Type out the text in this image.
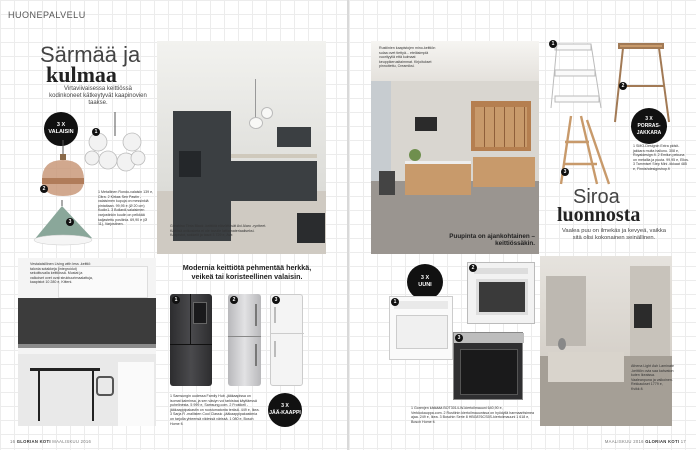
HUONEPALVELU
Särmää ja
kulmaa
Virtaviivaisessa keittiössä kodinkoneet kätkeytyvät kaapinovien taakse.
3 X
VALAISIN
2
1
3
1 Metallinen Rondo-valaisin 139 e, Citra. 2 Kirkas Sen Pastin -valaisimen kupuja on messinkiä pintaltaan. 99,95 e (Ø 20 cm) Kodin1. 3 Bollardi-valaisimen varjostinkin kuulin on pelkkää kaljastettu posliinia. 69,90 e (Ø 11), Varjostinen.	Greahino Tinta Black -keittiöä elävöittävät Avi Alaro -ryntteet. Kättösä ovikosketa ei ole tavulle lattiamateriaaliseksi. Kaapistot, sokkelit ja tasot 3 729 e, Avir.
Vestaiaisillinen Living with less -keittiö talonia sotakkeja (integroidut) sekoittuvalla keittiössä. Mustat ja valkoiset ovet ovat struktuurimaalattuja, kaapistot 10 280 e, Kitteni.
Modernia keittiötä pehmentää herkkä, veikeä tai koristeellinen valaisin.
1	2	3
1 Samsungin uudessa Family Hub -jääkaapissa on isomat kaiminsa, ja sen väsiyn voi tarkistaa käyttäessä puhelinesta. 5 999 e, Samsung.com. 2 Frostkell -jääkaappipakastin on ruostumatonta teräsä. 449 e, Ikea. 3 Sarja R -mallisten Cool Classic -jääkaappipakastimia on tarjolla yhteensä viidessä värissä. 1 080 e, Bosch Home fi.
3 X
JÄÄ-KAAPPI
16 GLORIAN KOTI MAALISKUU 2016
Rustiinien kaapistojen mino-keittiön sulaa ovet tiettyä... eteläsimpiä vuorityyliä että kulmaat keuppikerusitaimmat. Kirjoitukset pinnoitettu, Creamiksi.
Puupinta on ajankohtainen – keittiössäkin.
1
2
3
3 X
PORRAS-JAKKARA
1 SMO-Designin Extra pidsit-jakkara muita hallunu. 308 e, Royaldesign.fi. 2 Emilun pekuna on metallia ja puuta. 99,95 e, Ellos. 3 Tammiset Step Mini -tikkaat 485 e, Finnishdesignshop.fi
Siroa
luonnosta
Vaalea puu on ilmekäs ja kevyeä, vaikka sitä olisi kokonainen seinällinen.
3 X
UUNI
1
2
3
1 Gorenjen kätkäää BOT3014-W-kiertoilmauuni 640,90 e, Verkkokauppa.com. 2 Rustiinin kiertoilmauunissa on hyödyllä harmaaritsimea ajaa. 249 e, Ikea. 3 Boschin Serie 8 HBG876CS5S-kiertoilmauuni 1 618 e, Bosch Home fi.
Athena Light Ash Laminate -keittiön ovia saa kahvaton kuten Ikeaissa. Vaaleanpuna ja valkoinen. Rekkaukset 1779 e, Kvikk.fi.
MAALISKUU 2016 GLORIAN KOTI 17
